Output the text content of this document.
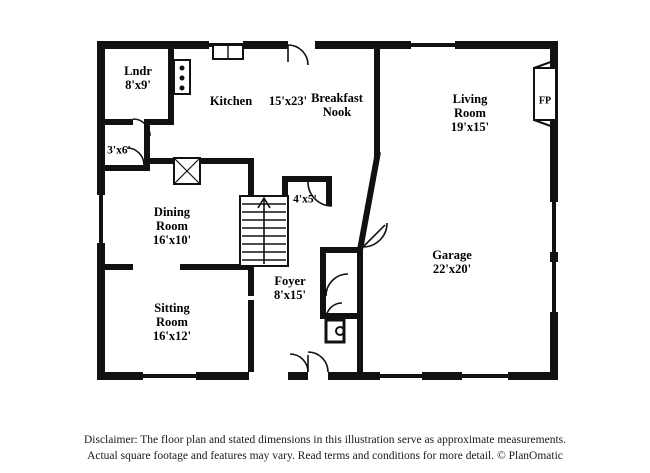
Lndr
8'x9'
Kitchen 15'x23' Breakfast
Nook
Living
Room
19'x15'
FP
3'x6'
4'x5'
Dining
Room
16'x10'
Garage
22'x20'
Foyer
8'x15'
Sitting
Room
16'x12'
Disclaimer: The floor plan and stated dimensions in this illustration serve as approximate measurements.
Actual square footage and features may vary. Read terms and conditions for more detail. © PlanOmatic
